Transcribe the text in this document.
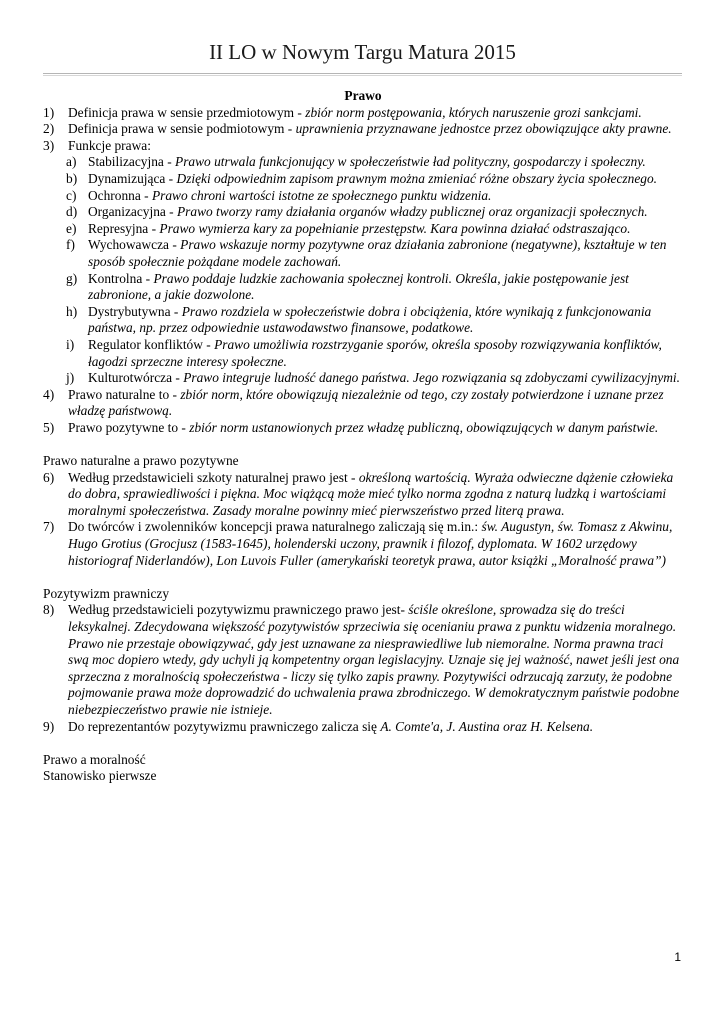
II LO w Nowym Targu Matura 2015
Prawo
1) Definicja prawa w sensie przedmiotowym - zbiór norm postępowania, których naruszenie grozi sankcjami.
2) Definicja prawa w sensie podmiotowym - uprawnienia przyznawane jednostce przez obowiązujące akty prawne.
3) Funkcje prawa:
a) Stabilizacyjna - Prawo utrwala funkcjonujący w społeczeństwie ład polityczny, gospodarczy i społeczny.
b) Dynamizująca - Dzięki odpowiednim zapisom prawnym można zmieniać różne obszary życia społecznego.
c) Ochronna - Prawo chroni wartości istotne ze społecznego punktu widzenia.
d) Organizacyjna - Prawo tworzy ramy działania organów władzy publicznej oraz organizacji społecznych.
e) Represyjna - Prawo wymierza kary za popełnianie przestępstw. Kara powinna działać odstraszająco.
f) Wychowawcza - Prawo wskazuje normy pozytywne oraz działania zabronione (negatywne), kształtuje w ten sposób społecznie pożądane modele zachowań.
g) Kontrolna - Prawo poddaje ludzkie zachowania społecznej kontroli. Określa, jakie postępowanie jest zabronione, a jakie dozwolone.
h) Dystrybutywna - Prawo rozdziela w społeczeństwie dobra i obciążenia, które wynikają z funkcjonowania państwa, np. przez odpowiednie ustawodawstwo finansowe, podatkowe.
i) Regulator konfliktów - Prawo umożliwia rozstrzyganie sporów, określa sposoby rozwiązywania konfliktów, łagodzi sprzeczne interesy społeczne.
j) Kulturotwórcza - Prawo integruje ludność danego państwa. Jego rozwiązania są zdobyczami cywilizacyjnymi.
4) Prawo naturalne to - zbiór norm, które obowiązują niezależnie od tego, czy zostały potwierdzone i uznane przez władzę państwową.
5) Prawo pozytywne to - zbiór norm ustanowionych przez władzę publiczną, obowiązujących w danym państwie.
Prawo naturalne a prawo pozytywne
6) Według przedstawicieli szkoty naturalnej prawo jest - określoną wartością. Wyraża odwieczne dążenie człowieka do dobra, sprawiedliwości i piękna. Moc wiążącą może mieć tylko norma zgodna z naturą ludzką i wartościami moralnymi społeczeństwa. Zasady moralne powinny mieć pierwszeństwo przed literą prawa.
7) Do twórców i zwolenników koncepcji prawa naturalnego zaliczają się m.in.: św. Augustyn, św. Tomasz z Akwinu, Hugo Grotius (Grocjusz (1583-1645), holenderski uczony, prawnik i filozof, dyplomata. W 1602 urzędowy historiograf Niderlandów), Lon Luvois Fuller (amerykański teoretyk prawa, autor książki „Moralność prawa”)
Pozytywizm prawniczy
8) Według przedstawicieli pozytywizmu prawniczego prawo jest- ściśle określone, sprowadza się do treści leksykalnej. Zdecydowana większość pozytywistów sprzeciwia się ocenianiu prawa z punktu widzenia moralnego. Prawo nie przestaje obowiązywać, gdy jest uznawane za niesprawiedliwe lub niemoralne. Norma prawna traci swą moc dopiero wtedy, gdy uchyli ją kompetentny organ legislacyjny. Uznaje się jej ważność, nawet jeśli jest ona sprzeczna z moralnością społeczeństwa - liczy się tylko zapis prawny. Pozytywiści odrzucają zarzuty, że podobne pojmowanie prawa może doprowadzić do uchwalenia prawa zbrodniczego. W demokratycznym państwie podobne niebezpieczeństwo prawie nie istnieje.
9) Do reprezentantów pozytywizmu prawniczego zalicza się A. Comte'a, J. Austina oraz H. Kelsena.
Prawo a moralność
Stanowisko pierwsze
1
